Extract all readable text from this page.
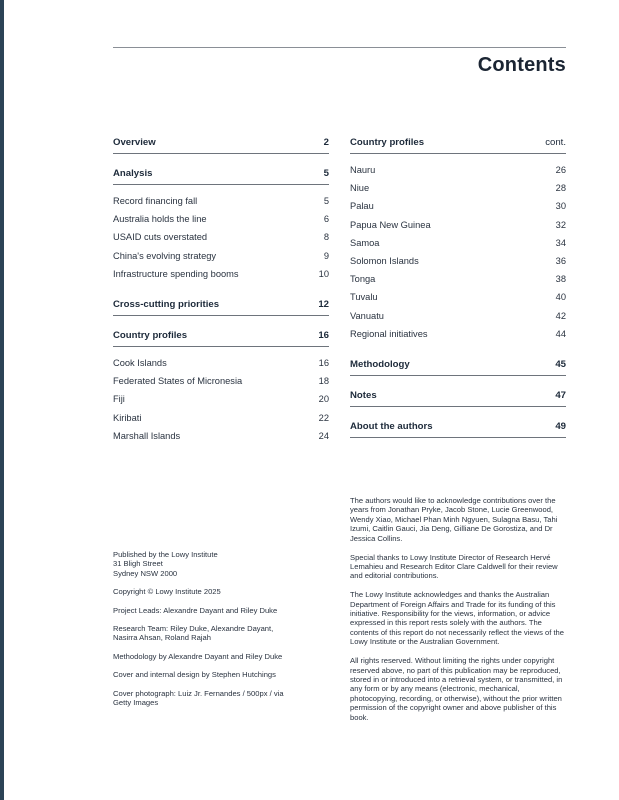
Contents
Overview	2
Analysis	5
Record financing fall	5
Australia holds the line	6
USAID cuts overstated	8
China's evolving strategy	9
Infrastructure spending booms	10
Cross-cutting priorities	12
Country profiles	16
Cook Islands	16
Federated States of Micronesia	18
Fiji	20
Kiribati	22
Marshall Islands	24
Country profiles	cont.
Nauru	26
Niue	28
Palau	30
Papua New Guinea	32
Samoa	34
Solomon Islands	36
Tonga	38
Tuvalu	40
Vanuatu	42
Regional initiatives	44
Methodology	45
Notes	47
About the authors	49

Published by the Lowy Institute
31 Bligh Street
Sydney NSW 2000

Copyright © Lowy Institute 2025

Project Leads: Alexandre Dayant and Riley Duke

Research Team: Riley Duke, Alexandre Dayant,
Nasirra Ahsan, Roland Rajah

Methodology by Alexandre Dayant and Riley Duke

Cover and internal design by Stephen Hutchings

Cover photograph: Luiz Jr. Fernandes / 500px / via
Getty Images

The authors would like to acknowledge contributions over the years from Jonathan Pryke, Jacob Stone, Lucie Greenwood, Wendy Xiao, Michael Phan Minh Ngyuen, Sulagna Basu, Tahi Izumi, Caitlin Gauci, Jia Deng, Gilliane De Gorostiza, and Dr Jessica Collins.

Special thanks to Lowy Institute Director of Research Hervé Lemahieu and Research Editor Clare Caldwell for their review and editorial contributions.

The Lowy Institute acknowledges and thanks the Australian Department of Foreign Affairs and Trade for its funding of this initiative. Responsibility for the views, information, or advice expressed in this report rests solely with the authors. The contents of this report do not necessarily reflect the views of the Lowy Institute or the Australian Government.

All rights reserved. Without limiting the rights under copyright reserved above, no part of this publication may be reproduced, stored in or introduced into a retrieval system, or transmitted, in any form or by any means (electronic, mechanical, photocopying, recording, or otherwise), without the prior written permission of the copyright owner and above publisher of this book.
